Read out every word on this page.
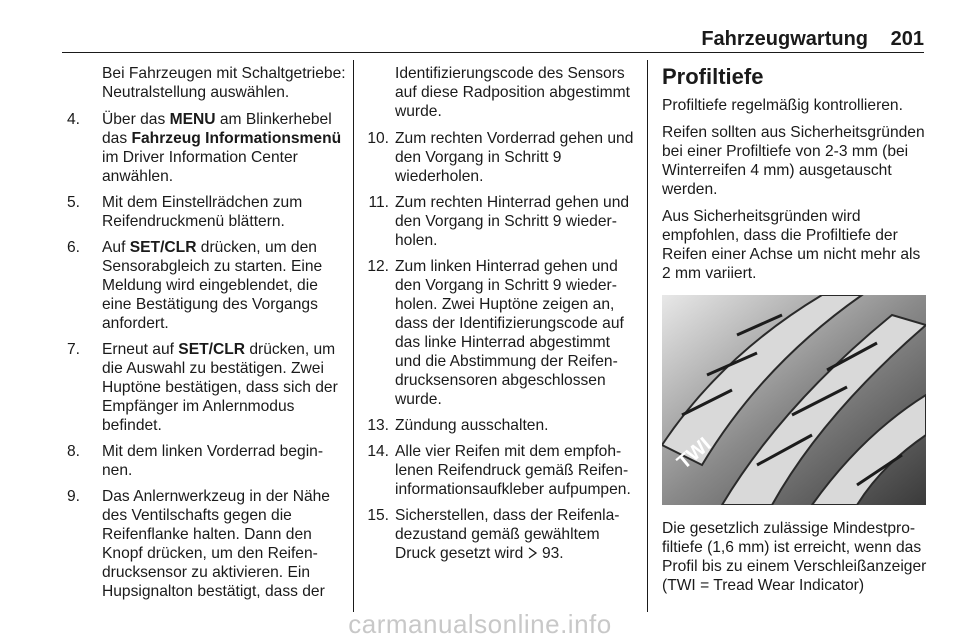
Fahrzeugwartung 201
Bei Fahrzeugen mit Schaltgetriebe: Neutralstellung auswählen.
4. Über das MENU am Blinkerhebel das Fahrzeug Informationsmenü im Driver Information Center anwählen.
5. Mit dem Einstellrädchen zum Reifendruckmenü blättern.
6. Auf SET/CLR drücken, um den Sensorabgleich zu starten. Eine Meldung wird eingeblendet, die eine Bestätigung des Vorgangs anfordert.
7. Erneut auf SET/CLR drücken, um die Auswahl zu bestätigen. Zwei Huptöne bestätigen, dass sich der Empfänger im Anlernmodus befindet.
8. Mit dem linken Vorderrad beginnen.
9. Das Anlernwerkzeug in der Nähe des Ventilschafts gegen die Reifenflanke halten. Dann den Knopf drücken, um den Reifendrucksensor zu aktivieren. Ein Hupsignalton bestätigt, dass der
Identifizierungscode des Sensors auf diese Radposition abgestimmt wurde.
10. Zum rechten Vorderrad gehen und den Vorgang in Schritt 9 wiederholen.
11. Zum rechten Hinterrad gehen und den Vorgang in Schritt 9 wiederholen.
12. Zum linken Hinterrad gehen und den Vorgang in Schritt 9 wiederholen. Zwei Huptöne zeigen an, dass der Identifizierungscode auf das linke Hinterrad abgestimmt und die Abstimmung der Reifendrucksensoren abgeschlossen wurde.
13. Zündung ausschalten.
14. Alle vier Reifen mit dem empfohlenen Reifendruck gemäß Reifeninformationsaufkleber aufpumpen.
15. Sicherstellen, dass der Reifenladezustand gemäß gewähltem Druck gesetzt wird  93.
Profiltiefe

Profiltiefe regelmäßig kontrollieren.

Reifen sollten aus Sicherheitsgründen bei einer Profiltiefe von 2-3 mm (bei Winterreifen 4 mm) ausgetauscht werden.

Aus Sicherheitsgründen wird empfohlen, dass die Profiltiefe der Reifen einer Achse um nicht mehr als 2 mm variiert.

TWI

Die gesetzlich zulässige Mindestprofiltiefe (1,6 mm) ist erreicht, wenn das Profil bis zu einem Verschleißanzeiger (TWI = Tread Wear Indicator)

carmanualsonline.info
